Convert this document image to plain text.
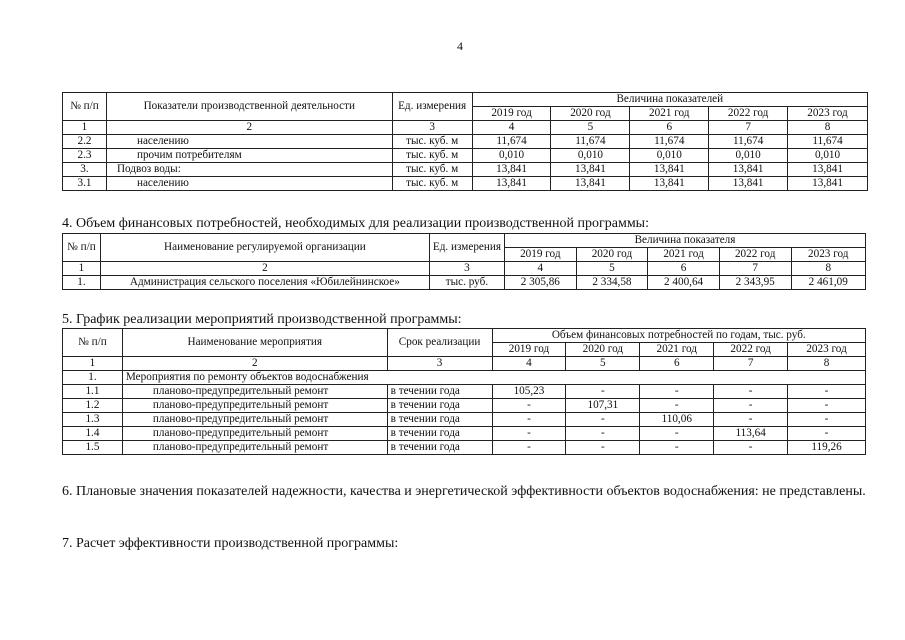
4
№ п/п	Показатели производственной деятельности	Ед. измерения	Величина показателей				
			2019 год	2020 год	2021 год	2022 год	2023 год
1	2	3	4	5	6	7	8
2.2	населению	тыс. куб. м	11,674	11,674	11,674	11,674	11,674
2.3	прочим потребителям	тыс. куб. м	0,010	0,010	0,010	0,010	0,010
3.	Подвоз воды:	тыс. куб. м	13,841	13,841	13,841	13,841	13,841
3.1	населению	тыс. куб. м	13,841	13,841	13,841	13,841	13,841
4. Объем финансовых потребностей, необходимых для реализации производственной программы:
№ п/п	Наименование регулируемой организации	Ед. измерения	Величина показателя				
			2019 год	2020 год	2021 год	2022 год	2023 год
1	2	3	4	5	6	7	8
1.	Администрация сельского поселения «Юбилейнинское»	тыс. руб.	2 305,86	2 334,58	2 400,64	2 343,95	2 461,09
5. График реализации мероприятий производственной программы:
№ п/п	Наименование мероприятия	Срок реализации	Объем финансовых потребностей по годам, тыс. руб.				
			2019 год	2020 год	2021 год	2022 год	2023 год
1	2	3	4	5	6	7	8
1.	Мероприятия по ремонту объектов водоснабжения						
1.1	планово-предупредительный ремонт	в течении года	105,23	-	-	-	-
1.2	планово-предупредительный ремонт	в течении года	-	107,31	-	-	-
1.3	планово-предупредительный ремонт	в течении года	-	-	110,06	-	-
1.4	планово-предупредительный ремонт	в течении года	-	-	-	113,64	-
1.5	планово-предупредительный ремонт	в течении года	-	-	-	-	119,26
6. Плановые значения показателей надежности, качества и энергетической эффективности объектов водоснабжения: не представлены.
7. Расчет эффективности производственной программы:
